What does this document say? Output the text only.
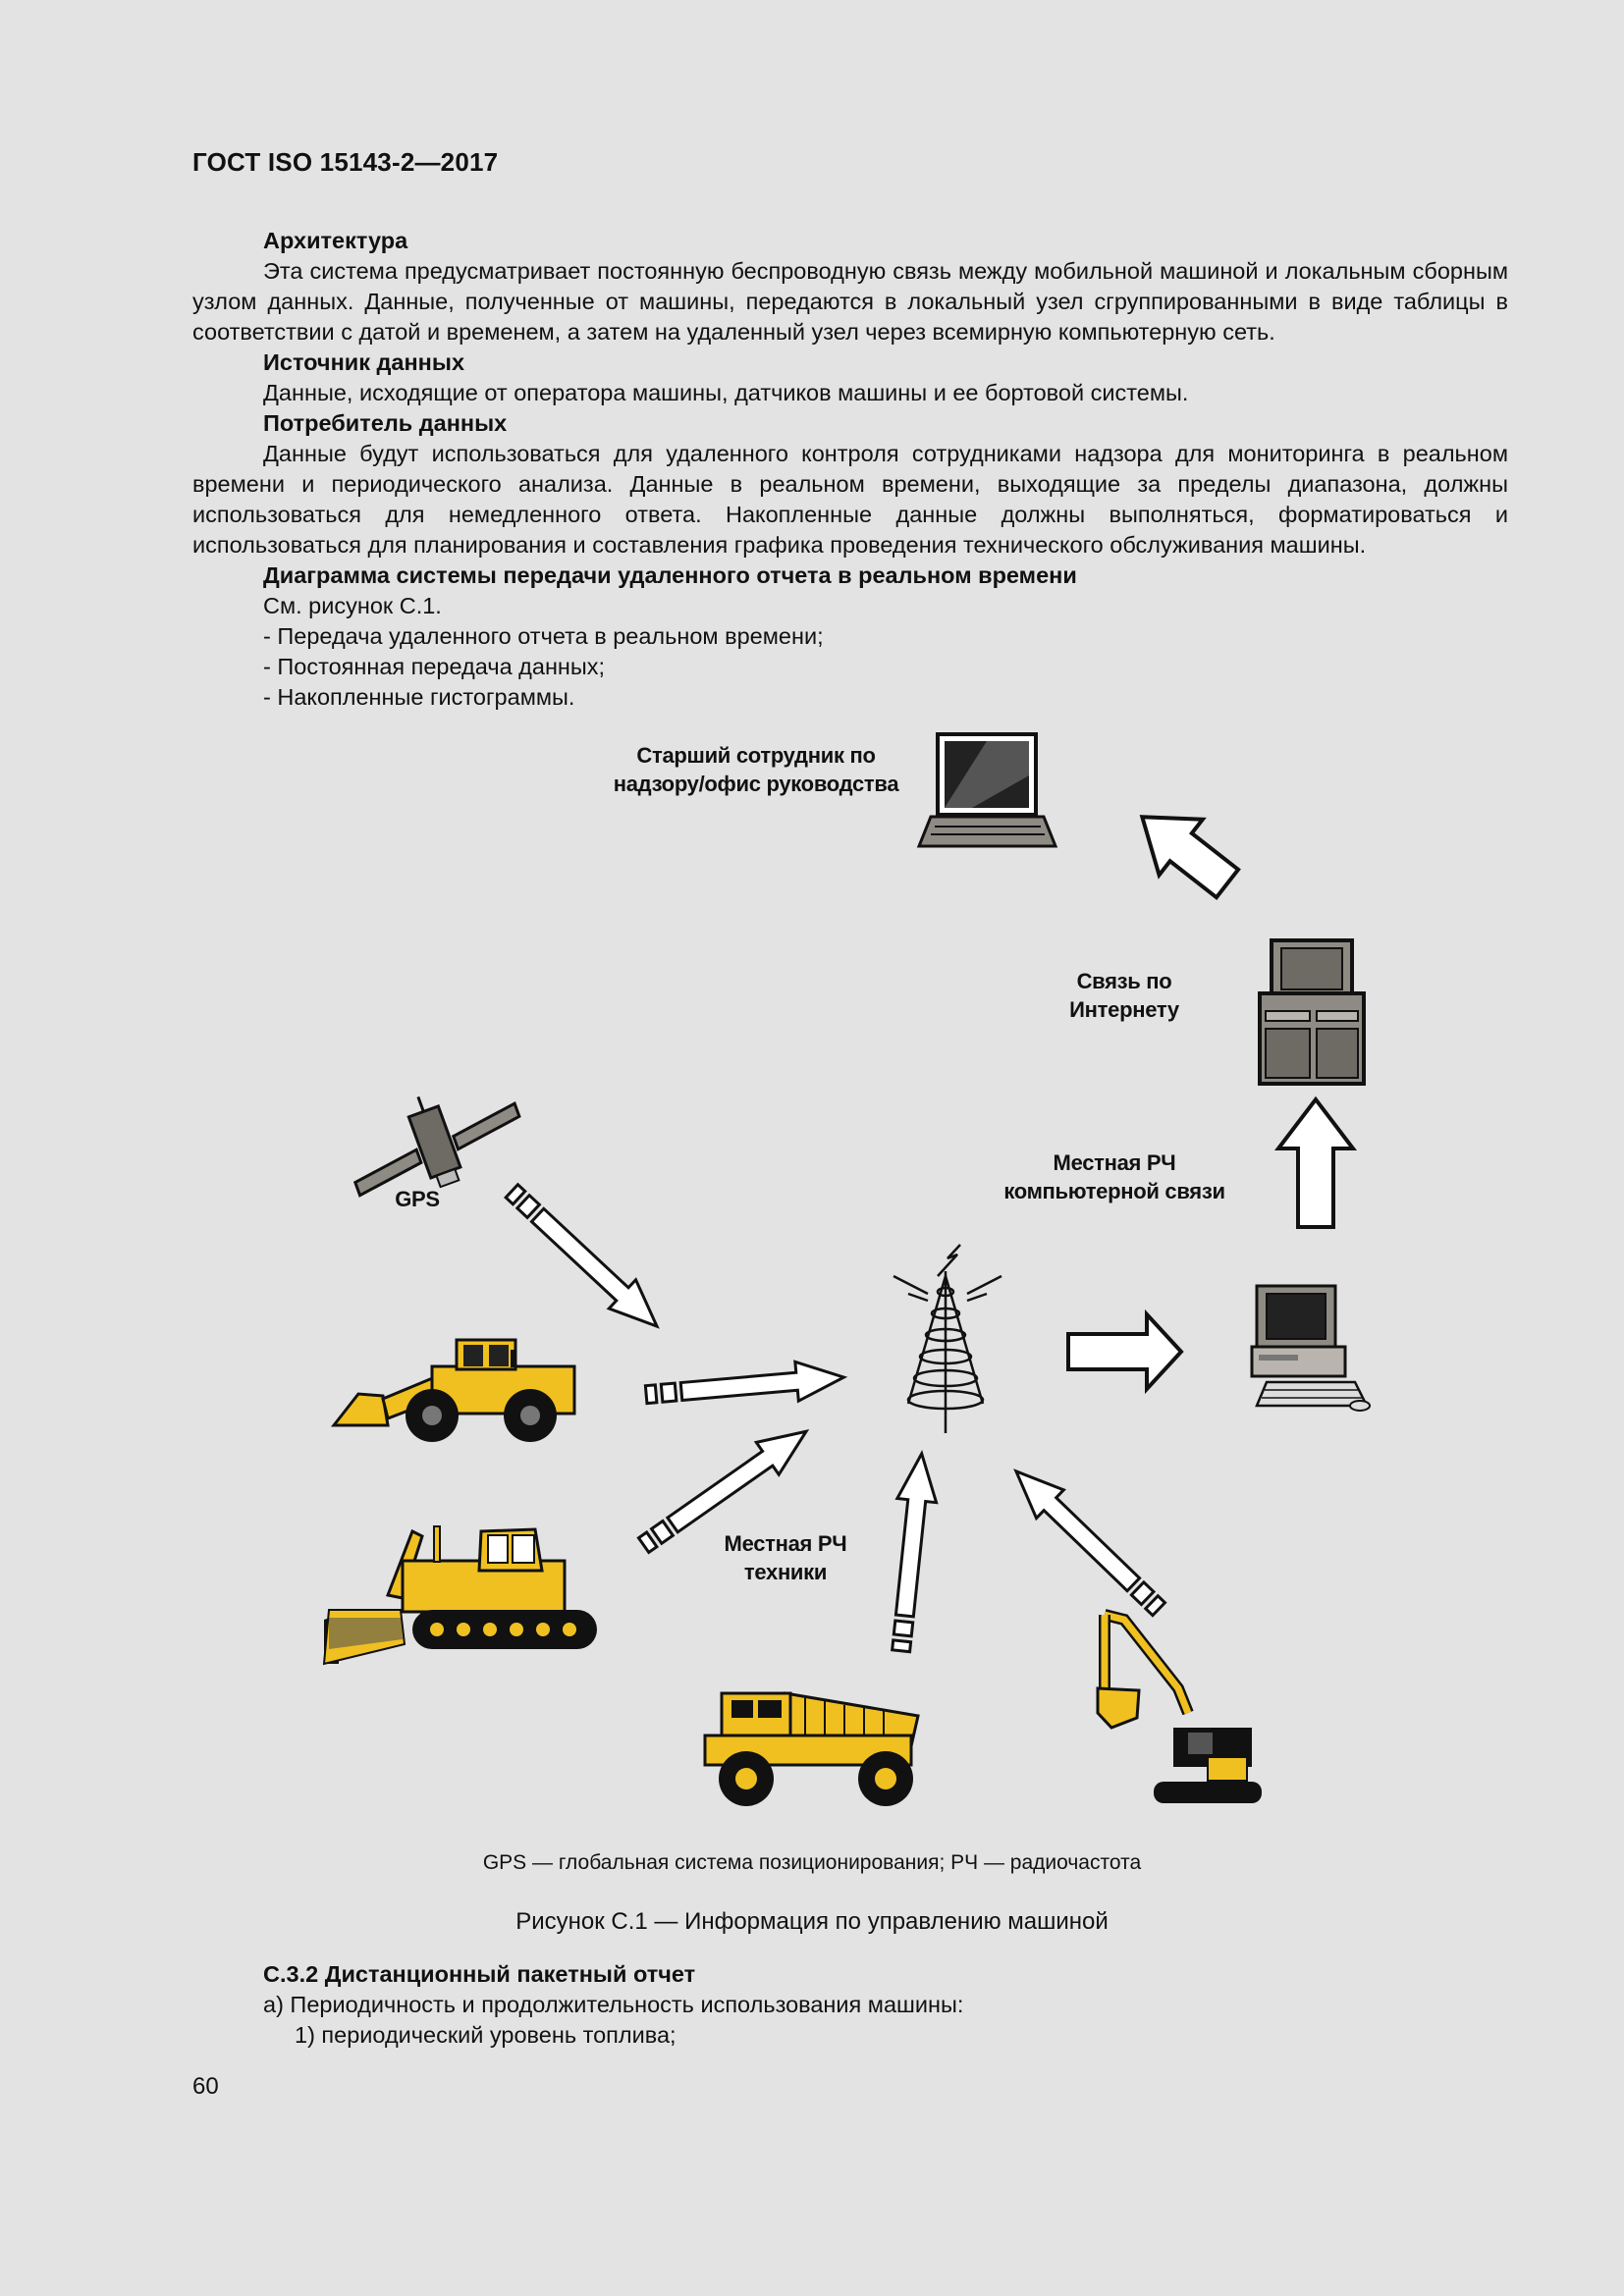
ГОСТ ISO 15143-2—2017

Архитектура

Эта система предусматривает постоянную беспроводную связь между мобильной машиной и локальным сборным узлом данных. Данные, полученные от машины, передаются в локальный узел сгруппированными в виде таблицы в соответствии с датой и временем, а затем на удаленный узел через всемирную компьютерную сеть.

Источник данных

Данные, исходящие от оператора машины, датчиков машины и ее бортовой системы.

Потребитель данных

Данные будут использоваться для удаленного контроля сотрудниками надзора для мониторинга в реальном времени и периодического анализа. Данные в реальном времени, выходящие за пределы диапазона, должны использоваться для немедленного ответа. Накопленные данные должны выполняться, форматироваться и использоваться для планирования и составления графика проведения технического обслуживания машины.

Диаграмма системы передачи удаленного отчета в реальном времени

См. рисунок С.1.

- Передача удаленного отчета в реальном времени;

- Постоянная передача данных;

- Накопленные гистограммы.

Старший сотрудник по надзору/офис руководства
Связь по Интернету
Местная РЧ компьютерной связи
GPS
Местная РЧ техники
GPS — глобальная система позиционирования; РЧ — радиочастота
Рисунок С.1 — Информация по управлению машиной

С.3.2 Дистанционный пакетный отчет

а) Периодичность и продолжительность использования машины:

1) периодический уровень топлива;

60
